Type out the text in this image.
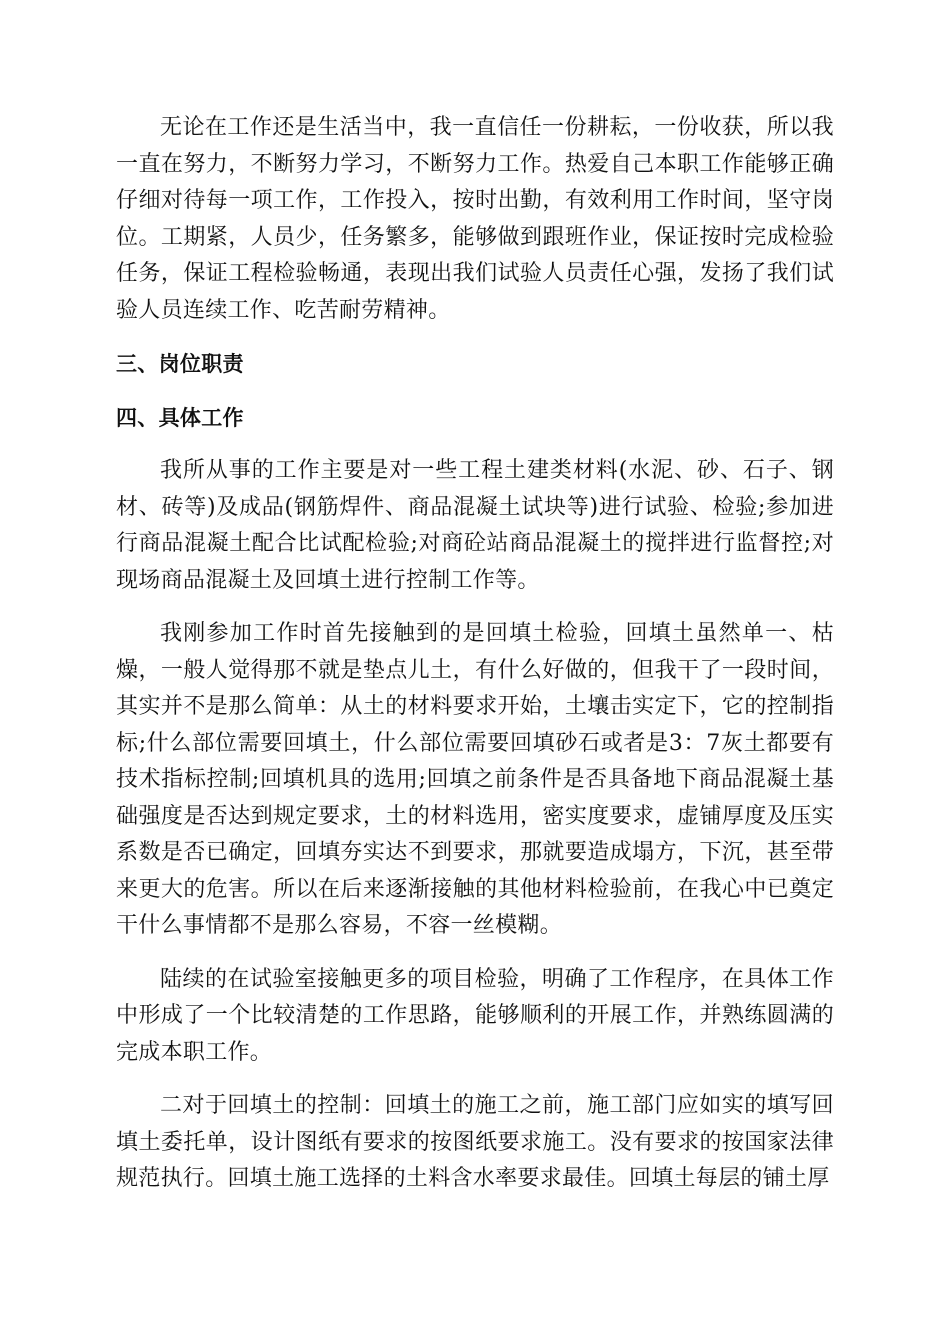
无论在工作还是生活当中，我一直信任一份耕耘，一份收获，所以我一直在努力，不断努力学习，不断努力工作。热爱自己本职工作能够正确仔细对待每一项工作，工作投入，按时出勤，有效利用工作时间，坚守岗位。工期紧，人员少，任务繁多，能够做到跟班作业，保证按时完成检验任务，保证工程检验畅通，表现出我们试验人员责任心强，发扬了我们试验人员连续工作、吃苦耐劳精神。

三、岗位职责

四、具体工作

我所从事的工作主要是对一些工程土建类材料(水泥、砂、石子、钢材、砖等)及成品(钢筋焊件、商品混凝土试块等)进行试验、检验;参加进行商品混凝土配合比试配检验;对商砼站商品混凝土的搅拌进行监督控;对现场商品混凝土及回填土进行控制工作等。

我刚参加工作时首先接触到的是回填土检验，回填土虽然单一、枯燥，一般人觉得那不就是垫点儿土，有什么好做的，但我干了一段时间，其实并不是那么简单：从土的材料要求开始，土壤击实定下，它的控制指标;什么部位需要回填土，什么部位需要回填砂石或者是3：7灰土都要有技术指标控制;回填机具的选用;回填之前条件是否具备地下商品混凝土基础强度是否达到规定要求，土的材料选用，密实度要求，虚铺厚度及压实系数是否已确定，回填夯实达不到要求，那就要造成塌方，下沉，甚至带来更大的危害。所以在后来逐渐接触的其他材料检验前，在我心中已奠定干什么事情都不是那么容易，不容一丝模糊。

陆续的在试验室接触更多的项目检验，明确了工作程序，在具体工作中形成了一个比较清楚的工作思路，能够顺利的开展工作，并熟练圆满的完成本职工作。

二对于回填土的控制：回填土的施工之前，施工部门应如实的填写回填土委托单，设计图纸有要求的按图纸要求施工。没有要求的按国家法律规范执行。回填土施工选择的土料含水率要求最佳。回填土每层的铺土厚
